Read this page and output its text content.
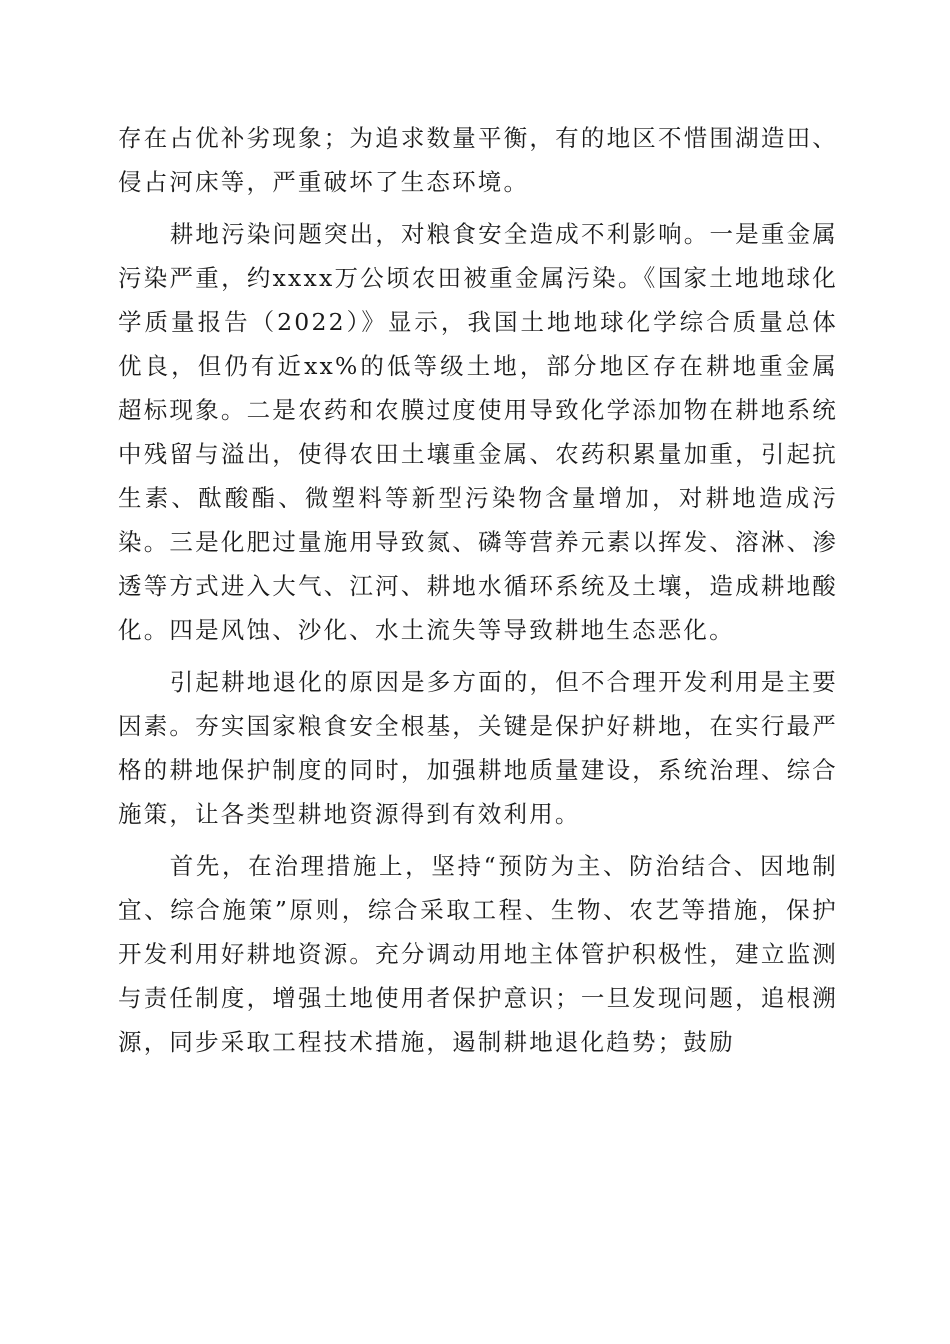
存在占优补劣现象；为追求数量平衡，有的地区不惜围湖造田、侵占河床等，严重破坏了生态环境。

耕地污染问题突出，对粮食安全造成不利影响。一是重金属污染严重，约xxxx万公顷农田被重金属污染。《国家土地地球化学质量报告（2022）》显示，我国土地地球化学综合质量总体优良，但仍有近xx%的低等级土地，部分地区存在耕地重金属超标现象。二是农药和农膜过度使用导致化学添加物在耕地系统中残留与溢出，使得农田土壤重金属、农药积累量加重，引起抗生素、酞酸酯、微塑料等新型污染物含量增加，对耕地造成污染。三是化肥过量施用导致氮、磷等营养元素以挥发、溶淋、渗透等方式进入大气、江河、耕地水循环系统及土壤，造成耕地酸化。四是风蚀、沙化、水土流失等导致耕地生态恶化。

引起耕地退化的原因是多方面的，但不合理开发利用是主要因素。夯实国家粮食安全根基，关键是保护好耕地，在实行最严格的耕地保护制度的同时，加强耕地质量建设，系统治理、综合施策，让各类型耕地资源得到有效利用。

首先，在治理措施上，坚持“预防为主、防治结合、因地制宜、综合施策”原则，综合采取工程、生物、农艺等措施，保护开发利用好耕地资源。充分调动用地主体管护积极性，建立监测与责任制度，增强土地使用者保护意识；一旦发现问题，追根溯源，同步采取工程技术措施，遏制耕地退化趋势；鼓励
